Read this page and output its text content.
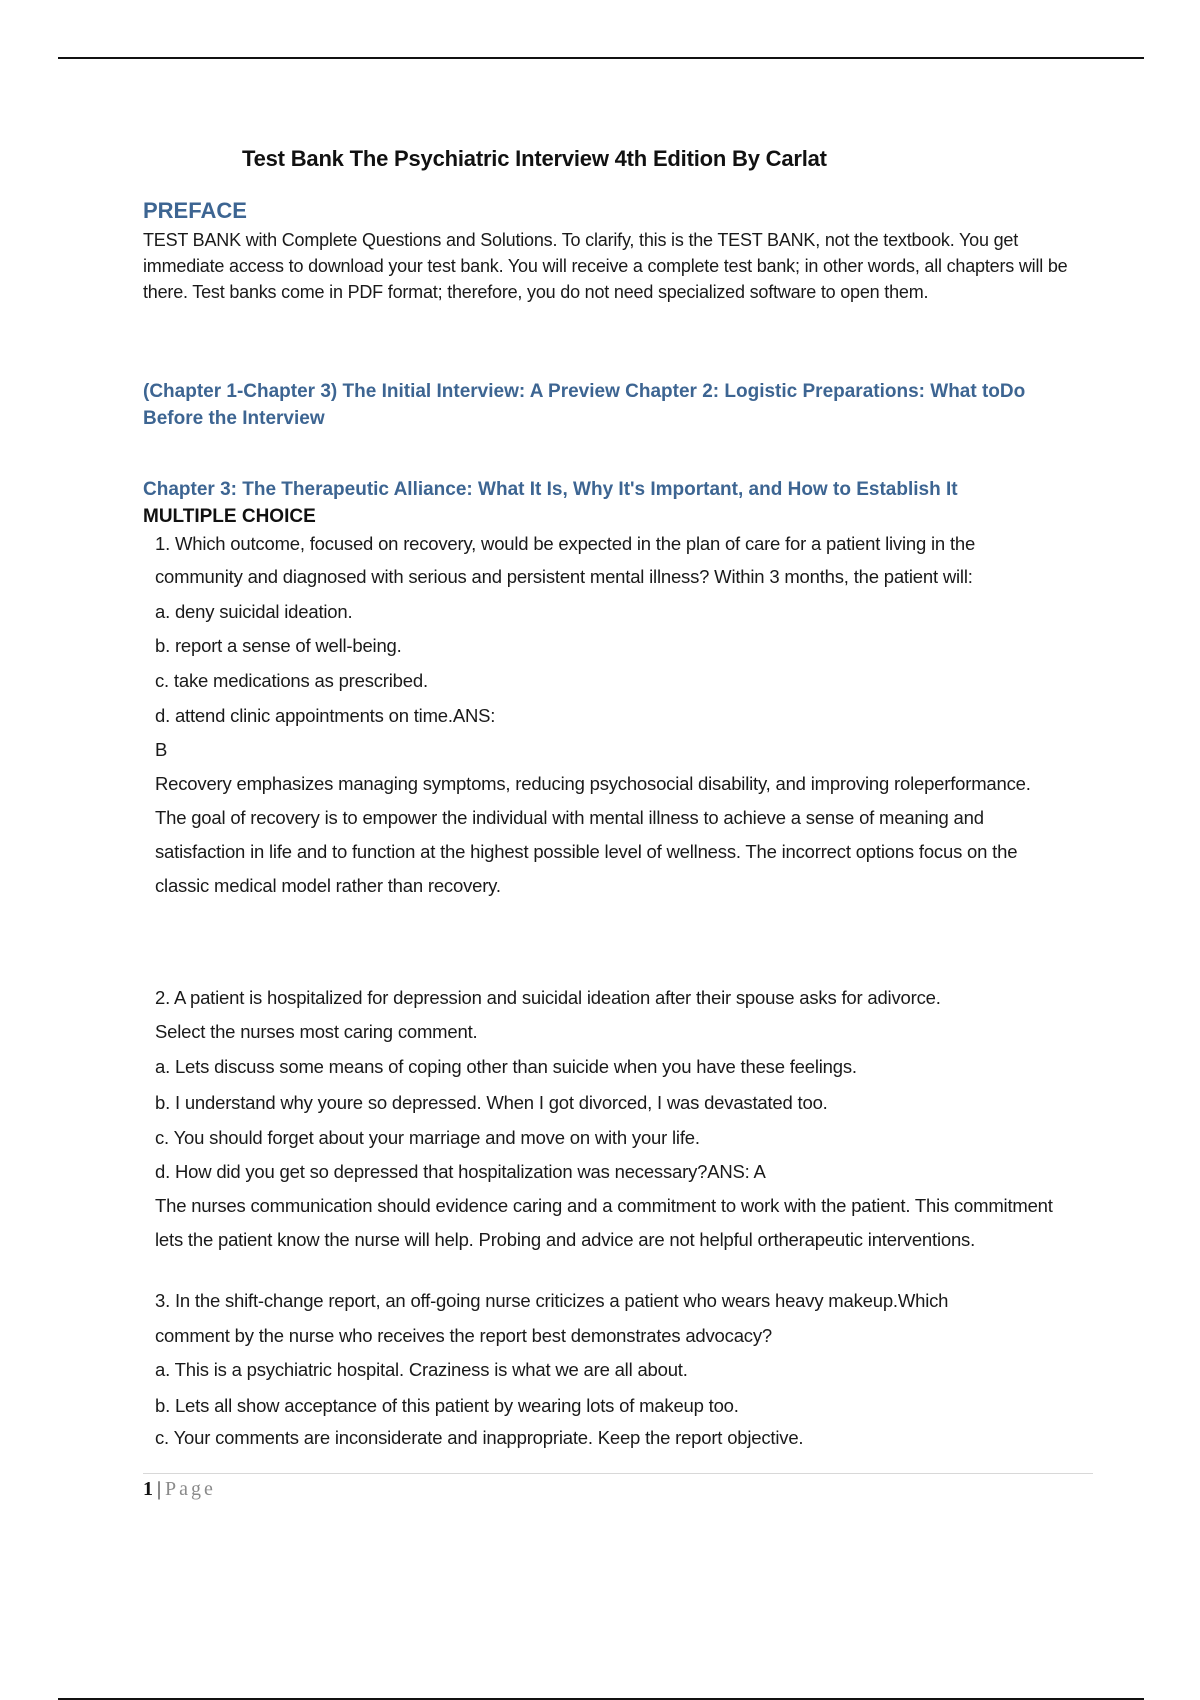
Test Bank The Psychiatric Interview 4th Edition By Carlat
PREFACE
TEST BANK with Complete Questions and Solutions. To clarify, this is the TEST BANK, not the textbook. You get immediate access to download your test bank. You will receive a complete test bank; in other words, all chapters will be there. Test banks come in PDF format; therefore, you do not need specialized software to open them.
(Chapter 1-Chapter 3) The Initial Interview: A Preview Chapter 2: Logistic Preparations: What toDo Before the Interview
Chapter 3: The Therapeutic Alliance: What It Is, Why It's Important, and How to Establish It
MULTIPLE CHOICE
1. Which outcome, focused on recovery, would be expected in the plan of care for a patient living in the
community and diagnosed with serious and persistent mental illness? Within 3 months, the patient will:
a. deny suicidal ideation.
b. report a sense of well-being.
c. take medications as prescribed.
d. attend clinic appointments on time.ANS:
B
Recovery emphasizes managing symptoms, reducing psychosocial disability, and improving roleperformance.
The goal of recovery is to empower the individual with mental illness to achieve a sense of meaning and
satisfaction in life and to function at the highest possible level of wellness. The incorrect options focus on the
classic medical model rather than recovery.
2. A patient is hospitalized for depression and suicidal ideation after their spouse asks for adivorce.
Select the nurses most caring comment.
a. Lets discuss some means of coping other than suicide when you have these feelings.
b. I understand why youre so depressed. When I got divorced, I was devastated too.
c. You should forget about your marriage and move on with your life.
d. How did you get so depressed that hospitalization was necessary?ANS: A
The nurses communication should evidence caring and a commitment to work with the patient. This commitment
lets the patient know the nurse will help. Probing and advice are not helpful ortherapeutic interventions.
3. In the shift-change report, an off-going nurse criticizes a patient who wears heavy makeup.Which
comment by the nurse who receives the report best demonstrates advocacy?
a. This is a psychiatric hospital. Craziness is what we are all about.
b. Lets all show acceptance of this patient by wearing lots of makeup too.
c. Your comments are inconsiderate and inappropriate. Keep the report objective.
1 | Page
